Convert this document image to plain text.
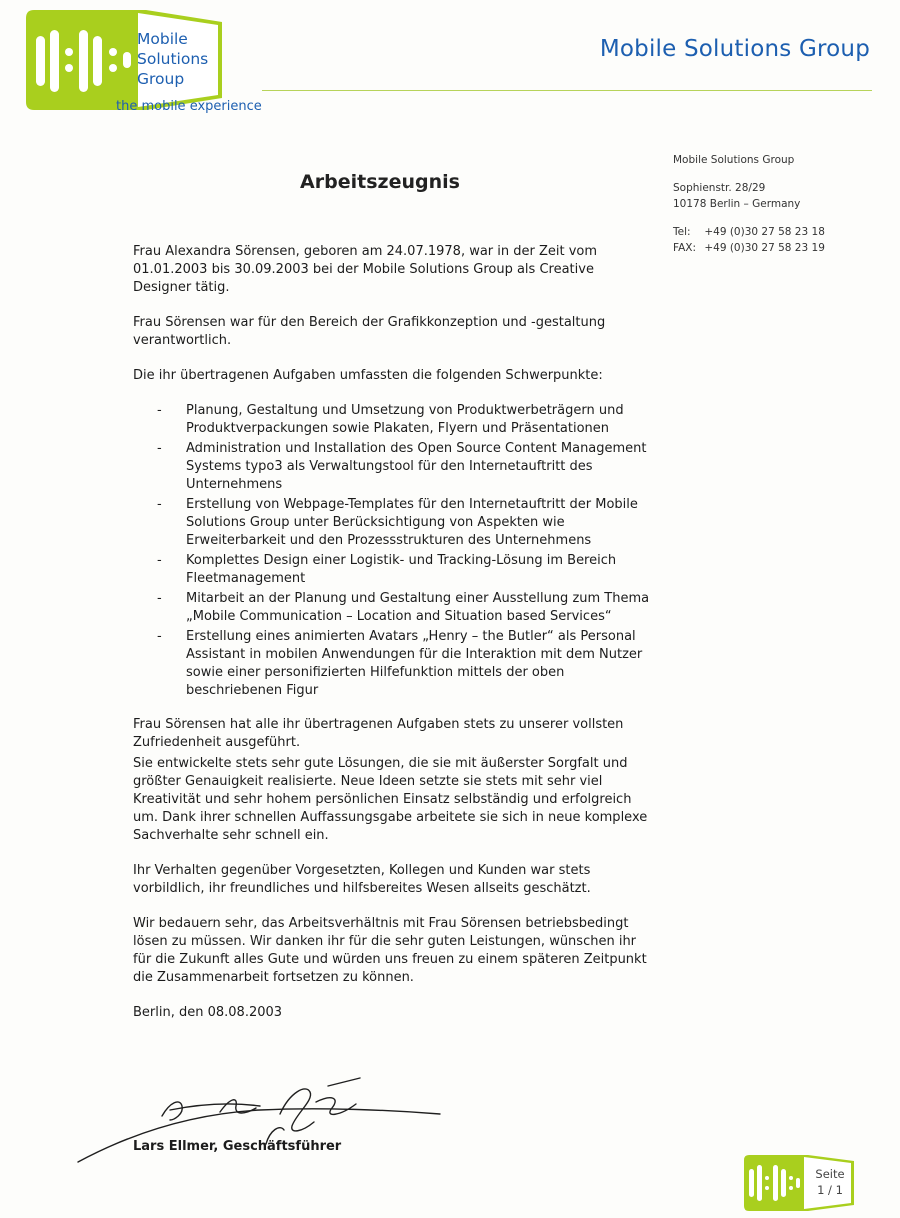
Mobile
Solutions
Group
the mobile experience
Mobile Solutions Group
Mobile Solutions Group
Sophienstr. 28/29
10178 Berlin – Germany
Tel: +49 (0)30 27 58 23 18
FAX: +49 (0)30 27 58 23 19
Arbeitszeugnis

Frau Alexandra Sörensen, geboren am 24.07.1978, war in der Zeit vom 01.01.2003 bis 30.09.2003 bei der Mobile Solutions Group als Creative Designer tätig.

Frau Sörensen war für den Bereich der Grafikkonzeption und -gestaltung verantwortlich.

Die ihr übertragenen Aufgaben umfassten die folgenden Schwerpunkte:

- Planung, Gestaltung und Umsetzung von Produktwerbeträgern und Produktverpackungen sowie Plakaten, Flyern und Präsentationen
- Administration und Installation des Open Source Content Management Systems typo3 als Verwaltungstool für den Internetauftritt des Unternehmens
- Erstellung von Webpage-Templates für den Internetauftritt der Mobile Solutions Group unter Berücksichtigung von Aspekten wie Erweiterbarkeit und den Prozessstrukturen des Unternehmens
- Komplettes Design einer Logistik- und Tracking-Lösung im Bereich Fleetmanagement
- Mitarbeit an der Planung und Gestaltung einer Ausstellung zum Thema „Mobile Communication – Location and Situation based Services“
- Erstellung eines animierten Avatars „Henry – the Butler“ als Personal Assistant in mobilen Anwendungen für die Interaktion mit dem Nutzer sowie einer personifizierten Hilfefunktion mittels der oben beschriebenen Figur

Frau Sörensen hat alle ihr übertragenen Aufgaben stets zu unserer vollsten Zufriedenheit ausgeführt.

Sie entwickelte stets sehr gute Lösungen, die sie mit äußerster Sorgfalt und größter Genauigkeit realisierte. Neue Ideen setzte sie stets mit sehr viel Kreativität und sehr hohem persönlichen Einsatz selbständig und erfolgreich um. Dank ihrer schnellen Auffassungsgabe arbeitete sie sich in neue komplexe Sachverhalte sehr schnell ein.

Ihr Verhalten gegenüber Vorgesetzten, Kollegen und Kunden war stets vorbildlich, ihr freundliches und hilfsbereites Wesen allseits geschätzt.

Wir bedauern sehr, das Arbeitsverhältnis mit Frau Sörensen betriebsbedingt lösen zu müssen. Wir danken ihr für die sehr guten Leistungen, wünschen ihr für die Zukunft alles Gute und würden uns freuen zu einem späteren Zeitpunkt die Zusammenarbeit fortsetzen zu können.

Berlin, den 08.08.2003

Lars Ellmer, Geschäftsführer
Seite
1 / 1
